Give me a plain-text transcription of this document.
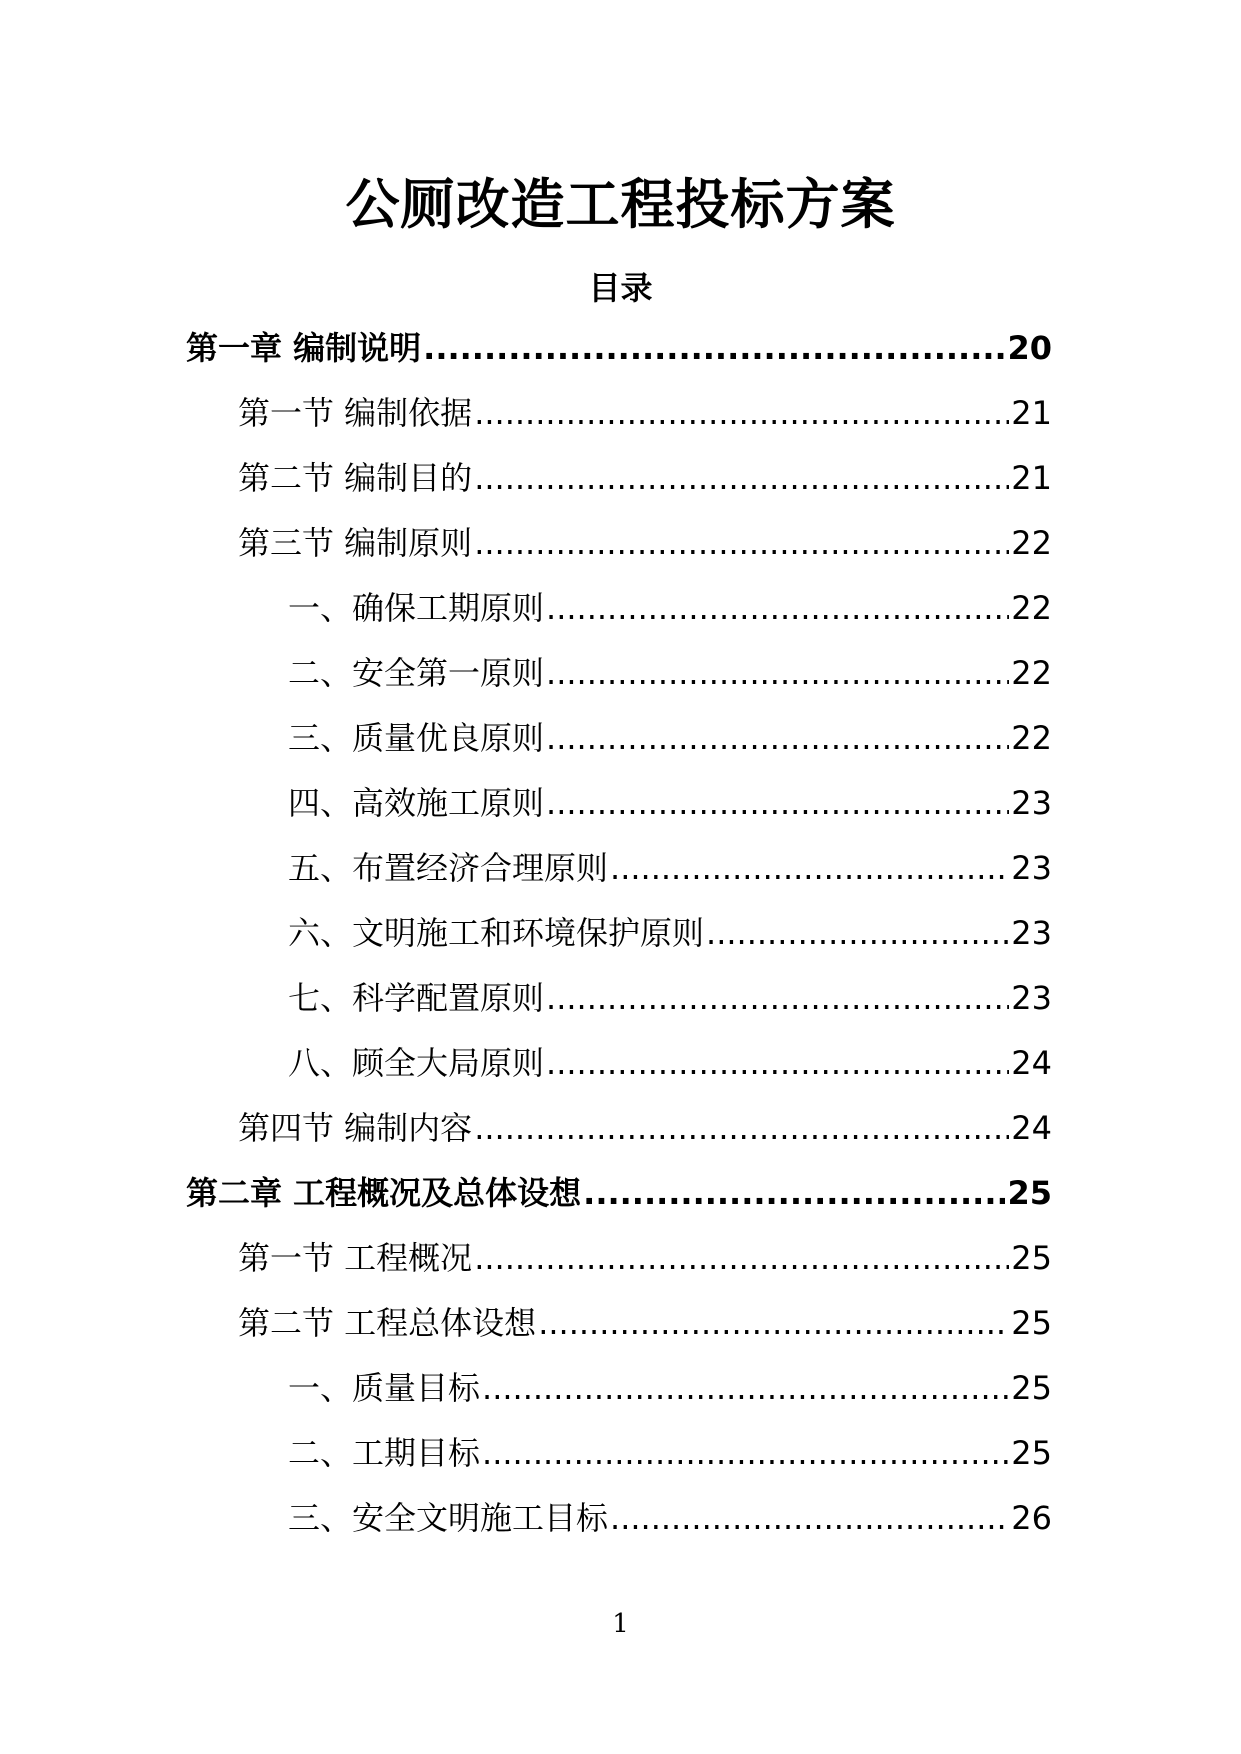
公厕改造工程投标方案
目录
第一章 编制说明 .....	20
第一节 编制依据 .....	21
第二节 编制目的 .....	21
第三节 编制原则 .....	22
一、确保工期原则 .....	22
二、安全第一原则 .....	22
三、质量优良原则 .....	22
四、高效施工原则 .....	23
五、布置经济合理原则 .....	23
六、文明施工和环境保护原则 .....	23
七、科学配置原则 .....	23
八、顾全大局原则 .....	24
第四节 编制内容 .....	24
第二章 工程概况及总体设想 .....	25
第一节 工程概况 .....	25
第二节 工程总体设想 .....	25
一、质量目标 .....	25
二、工期目标 .....	25
三、安全文明施工目标 .....	26
1
